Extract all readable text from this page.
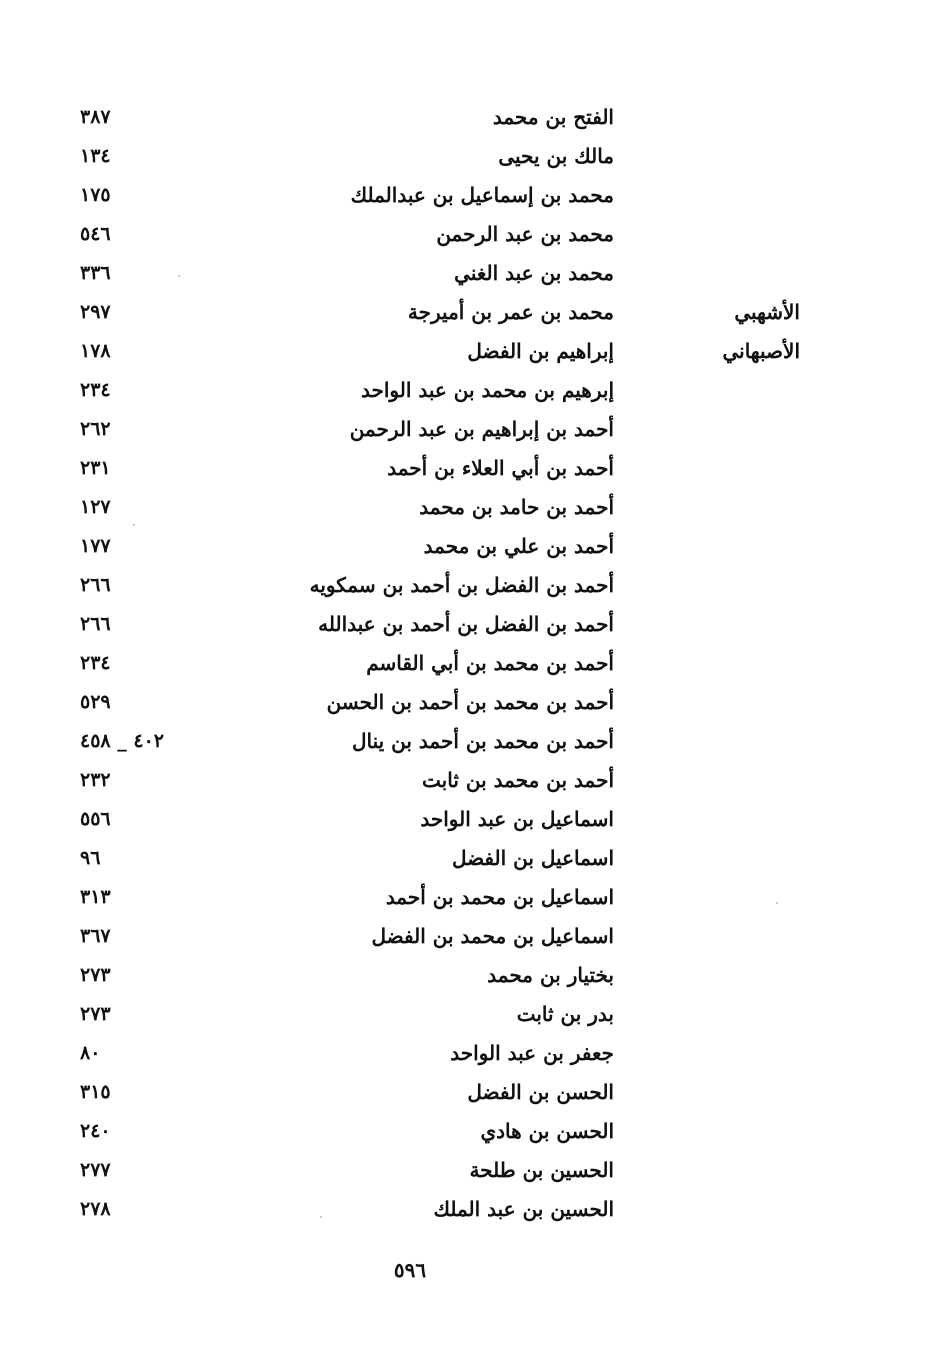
الفتح بن محمد
٣٨٧
مالك بن يحيى
١٣٤
محمد بن إسماعيل بن عبدالملك
١٧٥
محمد بن عبد الرحمن
٥٤٦
محمد بن عبد الغني
٣٣٦
الأشهبي
محمد بن عمر بن أميرجة
٢٩٧
الأصبهاني
إبراهيم بن الفضل
١٧٨
إبرهيم بن محمد بن عبد الواحد
٢٣٤
أحمد بن إبراهيم بن عبد الرحمن
٢٦٢
أحمد بن أبي العلاء بن أحمد
٢٣١
أحمد بن حامد بن محمد
١٢٧
أحمد بن علي بن محمد
١٧٧
أحمد بن الفضل بن أحمد بن سمكويه
٢٦٦
أحمد بن الفضل بن أحمد بن عبدالله
٢٦٦
أحمد بن محمد بن أبي القاسم
٢٣٤
أحمد بن محمد بن أحمد بن الحسن
٥٢٩
أحمد بن محمد بن أحمد بن ينال
٤٠٢ _ ٤٥٨
أحمد بن محمد بن ثابت
٢٣٢
اسماعيل بن عبد الواحد
٥٥٦
اسماعيل بن الفضل
٩٦
اسماعيل بن محمد بن أحمد
٣١٣
اسماعيل بن محمد بن الفضل
٣٦٧
بختيار بن محمد
٢٧٣
بدر بن ثابت
٢٧٣
جعفر بن عبد الواحد
٨٠
الحسن بن الفضل
٣١٥
الحسن بن هادي
٢٤٠
الحسين بن طلحة
٢٧٧
الحسين بن عبد الملك
٢٧٨
٥٩٦
